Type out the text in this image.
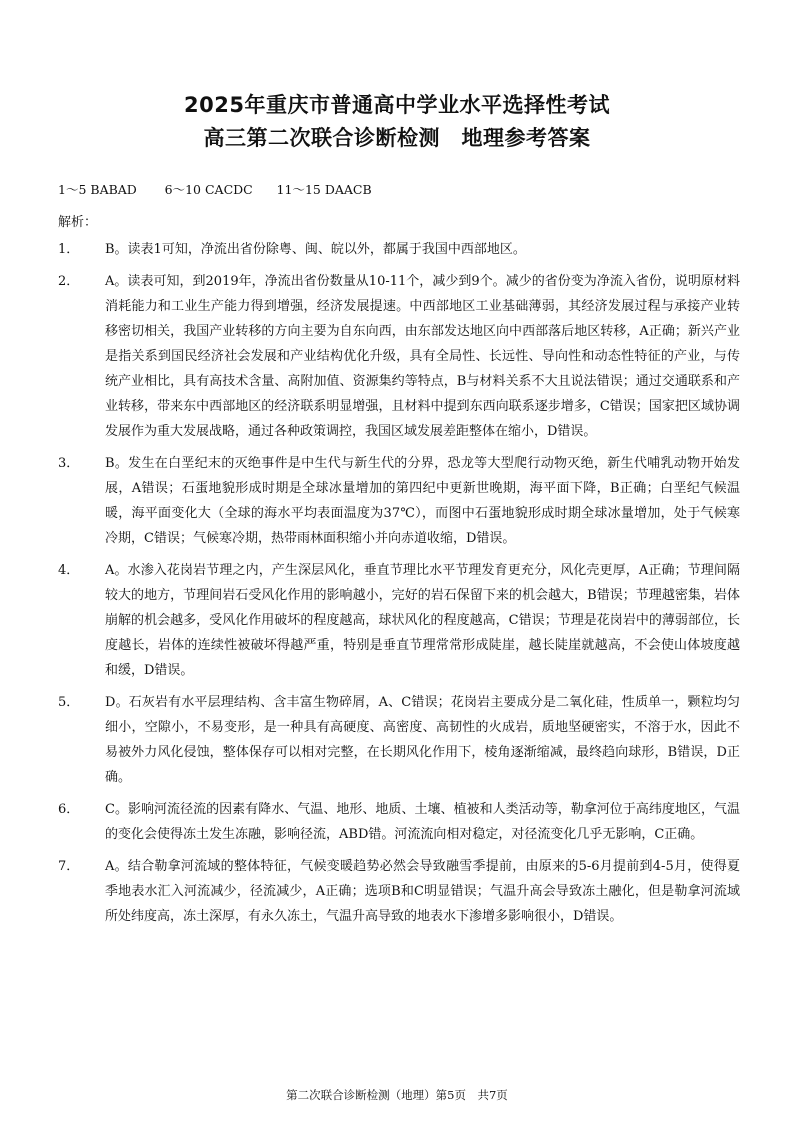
2025年重庆市普通高中学业水平选择性考试
高三第二次联合诊断检测　地理参考答案
1～5 BABAD       6～10 CACDC      11～15 DAACB
解析：
1．	B。读表1可知，净流出省份除粤、闽、皖以外，都属于我国中西部地区。
2．	A。读表可知，到2019年，净流出省份数量从10-11个，减少到9个。减少的省份变为净流入省份，说明原材料消耗能力和工业生产能力得到增强，经济发展提速。中西部地区工业基础薄弱，其经济发展过程与承接产业转移密切相关，我国产业转移的方向主要为自东向西，由东部发达地区向中西部落后地区转移，A正确；新兴产业是指关系到国民经济社会发展和产业结构优化升级，具有全局性、长远性、导向性和动态性特征的产业，与传统产业相比，具有高技术含量、高附加值、资源集约等特点，B与材料关系不大且说法错误；通过交通联系和产业转移，带来东中西部地区的经济联系明显增强，且材料中提到东西向联系逐步增多，C错误；国家把区域协调发展作为重大发展战略，通过各种政策调控，我国区域发展差距整体在缩小，D错误。
3．	B。发生在白垩纪末的灭绝事件是中生代与新生代的分界，恐龙等大型爬行动物灭绝，新生代哺乳动物开始发展，A错误；石蛋地貌形成时期是全球冰量增加的第四纪中更新世晚期，海平面下降，B正确；白垩纪气候温暖，海平面变化大（全球的海水平均表面温度为37℃），而图中石蛋地貌形成时期全球冰量增加，处于气候寒冷期，C错误；气候寒冷期，热带雨林面积缩小并向赤道收缩，D错误。
4．	A。水渗入花岗岩节理之内，产生深层风化，垂直节理比水平节理发育更充分，风化壳更厚，A正确；节理间隔较大的地方，节理间岩石受风化作用的影响越小，完好的岩石保留下来的机会越大，B错误；节理越密集，岩体崩解的机会越多，受风化作用破坏的程度越高，球状风化的程度越高，C错误；节理是花岗岩中的薄弱部位，长度越长，岩体的连续性被破坏得越严重，特别是垂直节理常常形成陡崖，越长陡崖就越高，不会使山体坡度越和缓，D错误。
5．	D。石灰岩有水平层理结构、含丰富生物碎屑，A、C错误；花岗岩主要成分是二氧化硅，性质单一，颗粒均匀细小，空隙小，不易变形，是一种具有高硬度、高密度、高韧性的火成岩，质地坚硬密实，不溶于水，因此不易被外力风化侵蚀，整体保存可以相对完整，在长期风化作用下，棱角逐渐缩减，最终趋向球形，B错误，D正确。
6．	C。影响河流径流的因素有降水、气温、地形、地质、土壤、植被和人类活动等，勒拿河位于高纬度地区，气温的变化会使得冻土发生冻融，影响径流，ABD错。河流流向相对稳定，对径流变化几乎无影响，C正确。
7．	A。结合勒拿河流域的整体特征，气候变暖趋势必然会导致融雪季提前，由原来的5-6月提前到4-5月，使得夏季地表水汇入河流减少，径流减少，A正确；选项B和C明显错误；气温升高会导致冻土融化，但是勒拿河流域所处纬度高，冻土深厚，有永久冻土，气温升高导致的地表水下渗增多影响很小，D错误。
第二次联合诊断检测（地理）第5页　共7页
